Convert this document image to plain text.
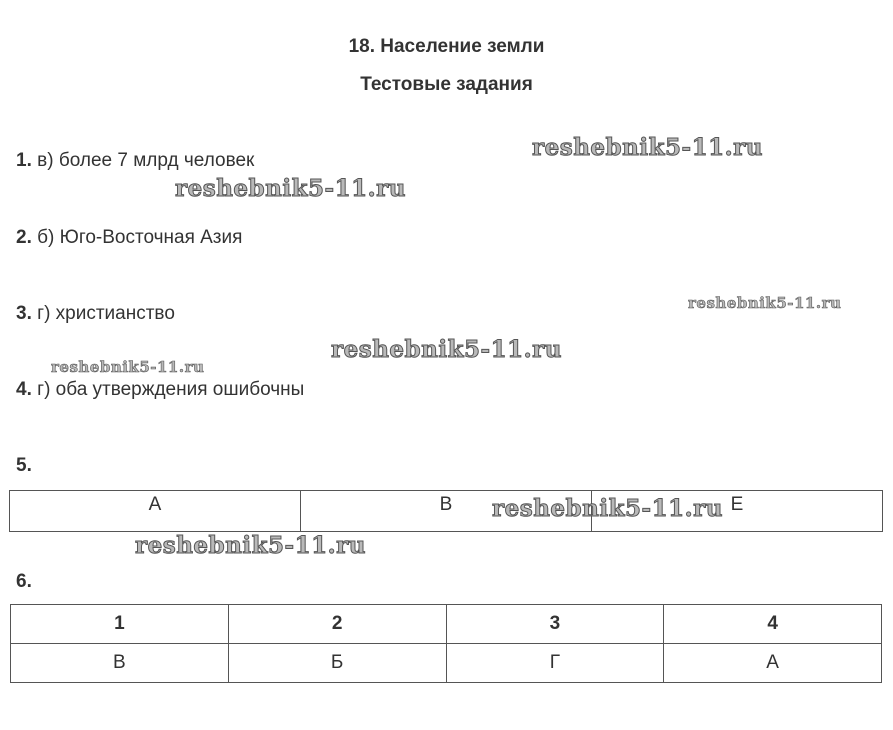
18. Население земли
Тестовые задания
1. в) более 7 млрд человек
2. б) Юго-Восточная Азия
3. г) христианство
4. г) оба утверждения ошибочны
5.
А	В	Е
6.
1	2	3	4
В	Б	Г	А
reshebnik5-11.ru
reshebnik5-11.ru
reshebnik5-11.ru
reshebnik5-11.ru
reshebnik5-11.ru
reshebnik5-11.ru
reshebnik5-11.ru
